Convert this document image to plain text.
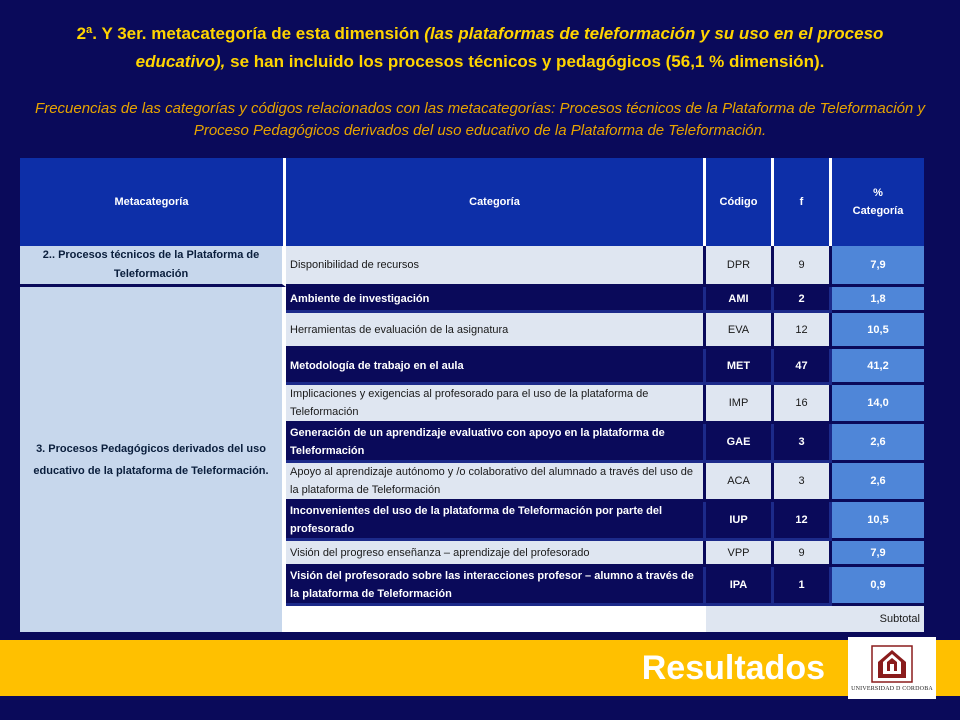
2ª. Y 3er. metacategoría de esta dimensión (las plataformas de teleformación y su uso en el proceso educativo), se han incluido los procesos técnicos y pedagógicos (56,1 % dimensión).
Frecuencias de las categorías y códigos relacionados con las metacategorías: Procesos técnicos de la Plataforma de Teleformación y Proceso Pedagógicos derivados del uso educativo de la Plataforma de Teleformación.
Metacategoría	Categoría	Código	f	%
Categoría	

2.. Procesos técnicos de la Plataforma de Teleformación	Disponibilidad de recursos	DPR	9	7,9	
3. Procesos Pedagógicos derivados del uso educativo de la plataforma de Teleformación.	Ambiente de investigación	AMI	2	1,8	
	Herramientas de evaluación de la asignatura	EVA	12	10,5	
	Metodología de trabajo en el aula	MET	47	41,2	
	Implicaciones y exigencias al profesorado para el uso de la plataforma de Teleformación	IMP	16	14,0	
	Generación de un aprendizaje evaluativo con apoyo en la plataforma de Teleformación	GAE	3	2,6	
	Apoyo al aprendizaje autónomo y /o colaborativo del alumnado a través del uso de la plataforma de Teleformación	ACA	3	2,6	
	Inconvenientes del uso de la plataforma de Teleformación por parte del profesorado	IUP	12	10,5	
	Visión del progreso enseñanza – aprendizaje del profesorado	VPP	9	7,9	
	Visión del profesorado sobre las interacciones profesor – alumno a través de la plataforma de Teleformación	IPA	1	0,9	
		Subtotal	
Resultados
UNIVERSIDAD D CORDOBA
